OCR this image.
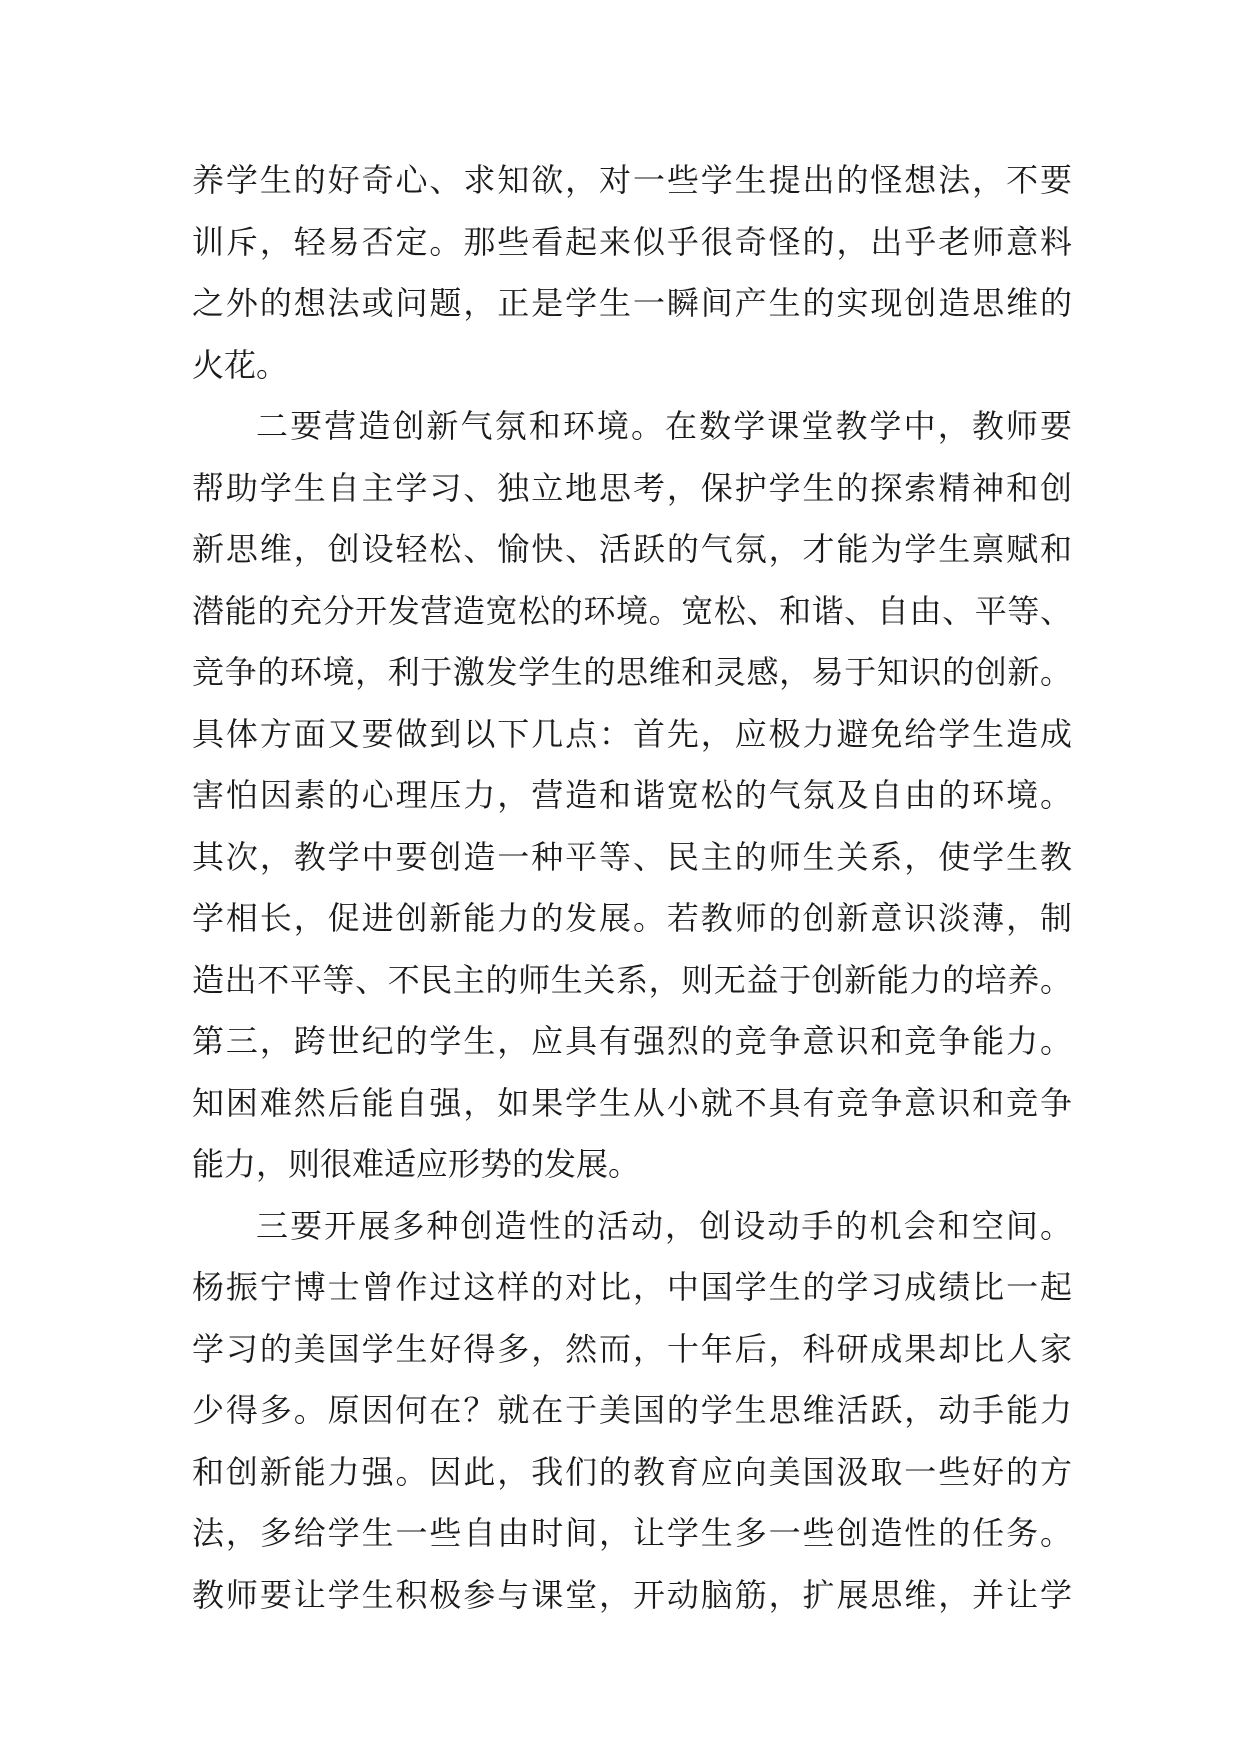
养学生的好奇心、求知欲，对一些学生提出的怪想法，不要
训斥，轻易否定。那些看起来似乎很奇怪的，出乎老师意料
之外的想法或问题，正是学生一瞬间产生的实现创造思维的
火花。
二要营造创新气氛和环境。在数学课堂教学中，教师要
帮助学生自主学习、独立地思考，保护学生的探索精神和创
新思维，创设轻松、愉快、活跃的气氛，才能为学生禀赋和
潜能的充分开发营造宽松的环境。宽松、和谐、自由、平等、
竞争的环境，利于激发学生的思维和灵感，易于知识的创新。
具体方面又要做到以下几点：首先，应极力避免给学生造成
害怕因素的心理压力，营造和谐宽松的气氛及自由的环境。
其次，教学中要创造一种平等、民主的师生关系，使学生教
学相长，促进创新能力的发展。若教师的创新意识淡薄，制
造出不平等、不民主的师生关系，则无益于创新能力的培养。
第三，跨世纪的学生，应具有强烈的竞争意识和竞争能力。
知困难然后能自强，如果学生从小就不具有竞争意识和竞争
能力，则很难适应形势的发展。
三要开展多种创造性的活动，创设动手的机会和空间。
杨振宁博士曾作过这样的对比，中国学生的学习成绩比一起
学习的美国学生好得多，然而，十年后，科研成果却比人家
少得多。原因何在？就在于美国的学生思维活跃，动手能力
和创新能力强。因此，我们的教育应向美国汲取一些好的方
法，多给学生一些自由时间，让学生多一些创造性的任务。
教师要让学生积极参与课堂，开动脑筋，扩展思维，并让学
